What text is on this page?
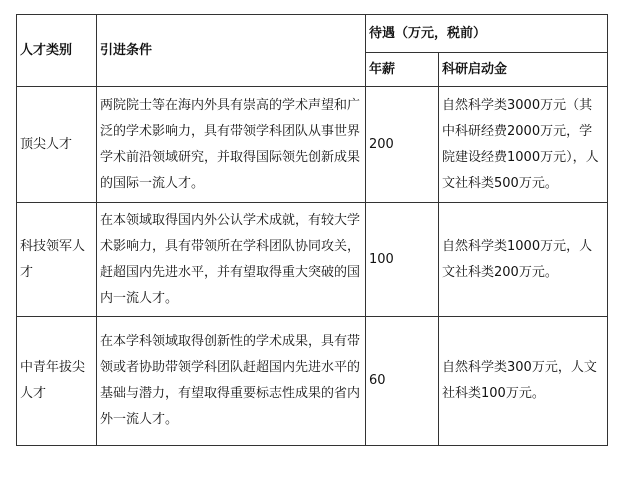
人才类别	引进条件	待遇（万元，税前）	
		年薪	科研启动金
顶尖人才	两院院士等在海内外具有崇高的学术声望和广泛的学术影响力，具有带领学科团队从事世界学术前沿领域研究，并取得国际领先创新成果的国际一流人才。	200	自然科学类3000万元（其中科研经费2000万元，学院建设经费1000万元），人文社科类500万元。
科技领军人才	在本领域取得国内外公认学术成就，有较大学术影响力，具有带领所在学科团队协同攻关，赶超国内先进水平，并有望取得重大突破的国内一流人才。	100	自然科学类1000万元，人文社科类200万元。
中青年拔尖人才	在本学科领域取得创新性的学术成果，具有带领或者协助带领学科团队赶超国内先进水平的基础与潜力，有望取得重要标志性成果的省内外一流人才。	60	自然科学类300万元，人文社科类100万元。
